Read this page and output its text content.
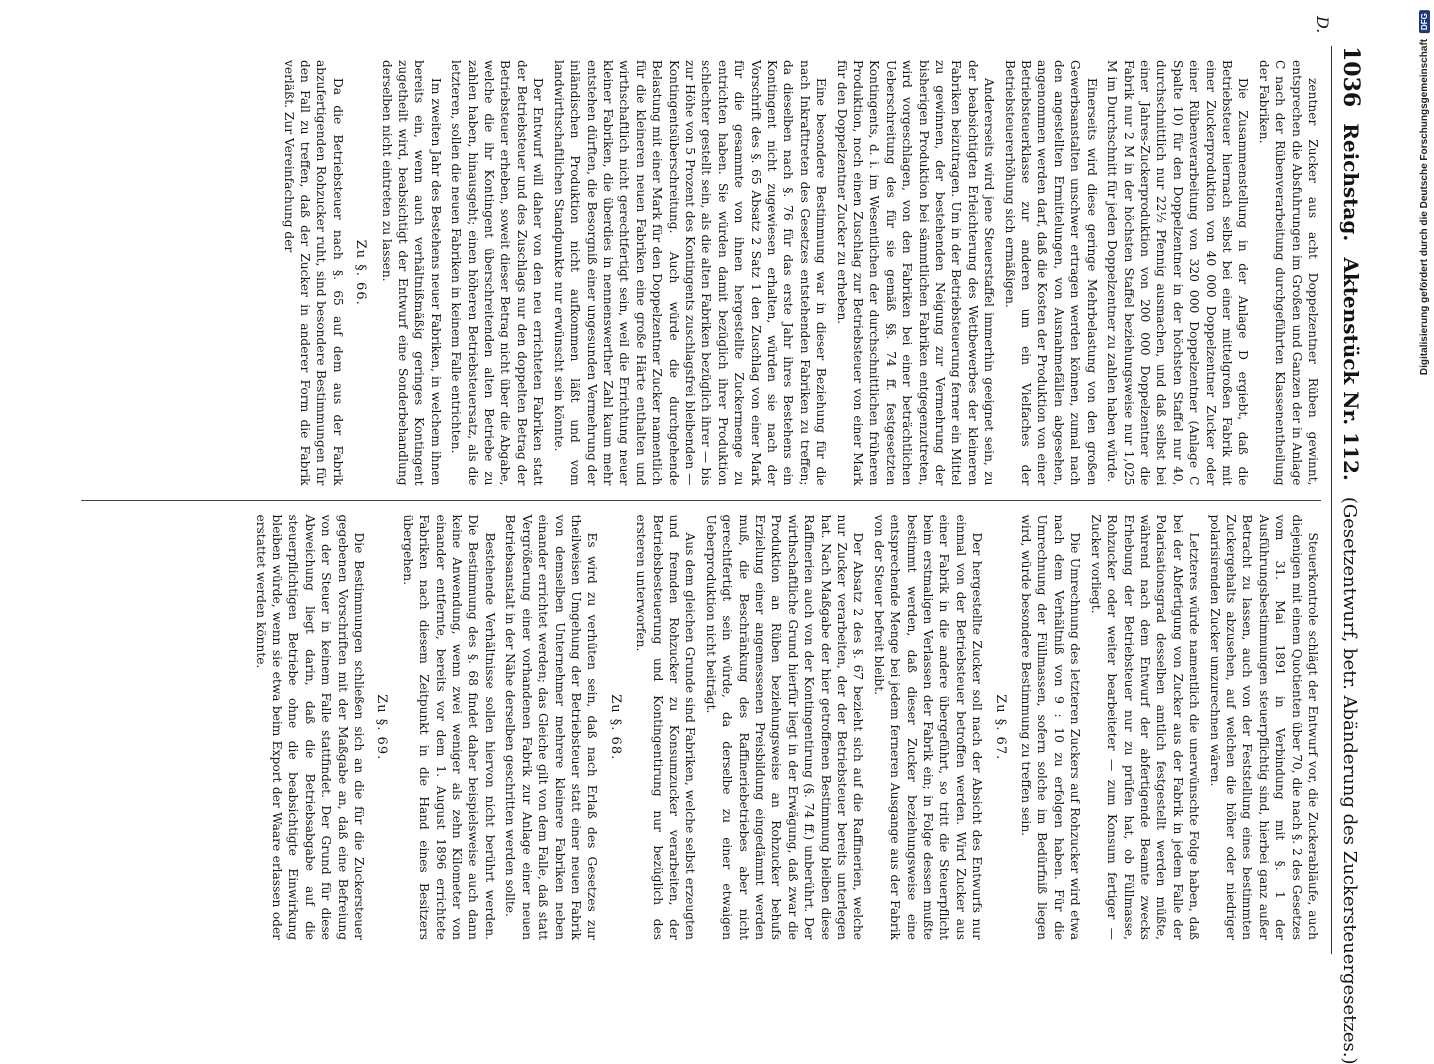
1036
Reichstag.
Aktenstück Nr. 112.
(Gesetzentwurf, betr. Abänderung des Zuckersteuergesetzes.)
D.

zentner Zucker aus acht Doppelzentner Rüben gewinnt, entsprechen die Absfuhrungen im Großen und Ganzen der in Anlage C nach der Rübenverarbeitung durchgeführten Klassenentheilung der Fabriken.

Die Zusammenstellung in der Anlage D ergiebt, daß die Betriebsteuer hiernach selbst bei einer mittelgroßen Fabrik mit einer Zuckerproduktion von 40 000 Doppelzentner Zucker oder einer Rübenverarbeitung von 320 000 Doppelzentner (Anlage C Spalte 10) für den Doppelzentner in der höchsten Staffel nur 40, durchschnittlich nur 22½ Pfennig ausmachen, und daß selbst bei einer Jahres-Zuckerproduktion von 200 000 Doppelzentner die Fabrik nur 2 M in der höchsten Staffel beziehungsweise nur 1,025 M im Durchschnitt für jeden Doppelzentner zu zahlen haben würde.

Einerseits wird diese geringe Mehrbelastung von den großen Gewerbsanstalten unschwer ertragen werden können, zumal nach den angestellten Ermittelungen, von Ausnahmefällen abgesehen, angenommen werden darf, daß die Kosten der Produktion von einer Betriebsteuerklasse zur anderen um ein Vielfaches der Betriebsteuererhöhung sich ermäßigen.

Andererseits wird jene Steuerstaffel immerhin geeignet sein, zu der beabsichtigten Erleichterung des Wettbewerbes der kleineren Fabriken beizutragen. Um in der Betriebsteuerung ferner ein Mittel zu gewinnen, der bestehenden Neigung zur Vermehrung der bisherigen Produktion bei sämmtlichen Fabriken entgegenzutreten, wird vorgeschlagen, von den Fabriken bei einer beträchtlichen Ueberschreitung des für sie gemäß §§. 74 ff. festgesetzten Kontingents, d. i. im Wesentlichen der durchschnittlichen früheren Produktion, noch einen Zuschlag zur Betriebsteuer von einer Mark für den Doppelzentner Zucker zu erheben.

Eine besondere Bestimmung war in dieser Beziehung für die nach Inkrafttreten des Gesetzes entstehenden Fabriken zu treffen; da dieselben nach §. 76 für das erste Jahr ihres Bestehens ein Kontingent nicht zugewiesen erhalten, würden sie nach der Vorschrift des §. 65 Absatz 2 Satz 1 den Zuschlag von einer Mark für die gesammte von ihnen hergestellte Zuckermenge zu entrichten haben. Sie würden damit bezüglich ihrer Produktion schlechter gestellt sein, als die alten Fabriken bezüglich ihrer — bis zur Höhe von 5 Prozent des Kontingents zuschlagsfrei bleibenden — Kontingentsüberschreitung. Auch würde die durchgehende Belastung mit einer Mark für den Doppelzentner Zucker namentlich für die kleineren neuen Fabriken eine große Härte enthalten und wirthschaftlich nicht gerechtfertigt sein, weil die Errichtung neuer kleiner Fabriken, die überdies in nennenswerther Zahl kaum mehr entstehen dürften, die Besorgniß einer ungesunden Vermehrung der inländischen Produktion nicht aufkommen läßt und vom landwirthschaftlichen Standpunkte nur erwünscht sein könnte.

Der Entwurf will daher von den neu errichteten Fabriken statt der Betriebsteuer und des Zuschlags nur den doppelten Betrag der Betriebsteuer erheben, soweit dieser Betrag nicht über die Abgabe, welche die ihr Kontingent überschreitenden alten Betriebe zu zahlen haben, hinausgeht; einen höheren Betriebsteuersatz, als die letzteren, sollen die neuen Fabriken in keinem Falle entrichten.

Im zweiten Jahr des Bestehens neuer Fabriken, in welchem ihnen bereits ein, wenn auch verhältnißmäßig geringes Kontingent zugetheilt wird, beabsichtigt der Entwurf eine Sonderbehandlung derselben nicht eintreten zu lassen.

Zu §. 66.

Da die Betriebsteuer nach §. 65 auf dem aus der Fabrik abzufertigenden Rohzucker ruht, sind besondere Bestimmungen für den Fall zu treffen, daß der Zucker in anderer Form die Fabrik verläßt. Zur Vereinfachung der

Steuerkontrole schlägt der Entwurf vor, die Zuckerabläufe, auch diejenigen mit einem Quotienten über 70, die nach §. 2 des Gesetzes vom 31. Mai 1891 in Verbindung mit §. 1 der Ausführungsbestimmungen steuerpflichtig sind, hierbei ganz außer Betracht zu lassen, auch von der Feststellung eines bestimmten Zuckergehalts abzusehen, auf welchen die höher oder niedriger polarisirenden Zucker umzurechnen wären.

Letzteres würde namentlich die unerwünschte Folge haben, daß bei der Abfertigung von Zucker aus der Fabrik in jedem Falle der Polarisationsgrad desselben amtlich festgestellt werden müßte, während nach dem Entwurf der abfertigende Beamte zwecks Erhebung der Betriebsteuer nur zu prüfen hat, ob Füllmasse, Rohzucker oder weiter bearbeiteter — zum Konsum fertiger — Zucker vorliegt.

Die Umrechnung des letzteren Zuckers auf Rohzucker wird etwa nach dem Verhältniß von 9 : 10 zu erfolgen haben. Für die Umrechnung der Füllmassen, sofern solche im Bedürfniß liegen wird, würde besondere Bestimmung zu treffen sein.

Zu §. 67.

Der hergestellte Zucker soll nach der Absicht des Entwurfs nur einmal von der Betriebsteuer betroffen werden. Wird Zucker aus einer Fabrik in die andere übergeführt, so tritt die Steuerpflicht beim erstmaligen Verlassen der Fabrik ein; in Folge dessen mußte bestimmt werden, daß dieser Zucker beziehungsweise eine entsprechende Menge bei jedem ferneren Ausgange aus der Fabrik von der Steuer befreit bleibt.

Der Absatz 2 des §. 67 bezieht sich auf die Raffinerien, welche nur Zucker verarbeiten, der der Betriebsteuer bereits unterlegen hat. Nach Maßgabe der hier getroffenen Bestimmung bleiben diese Raffinerien auch von der Kontingentirung (§. 74 ff.) unberührt. Der wirthschaftliche Grund hierfür liegt in der Erwägung, daß zwar die Produktion an Rüben beziehungsweise an Rohzucker behufs Erzielung einer angemessenen Preisbildung eingedämmt werden muß, die Beschränkung des Raffineriebetriebes aber nicht gerechtfertigt sein würde, da derselbe zu einer etwaigen Ueberproduktion nicht beiträgt.

Aus dem gleichen Grunde sind Fabriken, welche selbst erzeugten und fremden Rohzucker zu Konsumzucker verarbeiten, der Betriebsbesteuerung und Kontingentirung nur bezüglich des ersteren unterworfen.

Zu §. 68.

Es wird zu verhüten sein, daß nach Erlaß des Gesetzes zur theilweisen Umgehung der Betriebsteuer statt einer neuen Fabrik von demselben Unternehmer mehrere kleinere Fabriken neben einander errichtet werden; das Gleiche gilt von dem Falle, daß statt Vergrößerung einer vorhandenen Fabrik zur Anlage einer neuen Betriebsanstalt in der Nähe derselben geschritten werden sollte.

Bestehende Verhältnisse sollen hiervon nicht berührt werden. Die Bestimmung des §. 68 findet daher beispielsweise auch dann keine Anwendung, wenn zwei weniger als zehn Kilometer von einander entfernte, bereits vor dem 1. August 1896 errichtete Fabriken nach diesem Zeitpunkt in die Hand eines Besitzers übergehen.

Zu §. 69.

Die Bestimmungen schließen sich an die für die Zuckersteuer gegebenen Vorschriften mit der Maßgabe an, daß eine Befreiung von der Steuer in keinem Falle stattfindet. Der Grund für diese Abweichung liegt darin, daß die Betriebsabgabe auf die steuerpflichtigen Betriebe ohne die beabsichtigte Einwirkung bleiben würde, wenn sie etwa beim Export der Waare erlassen oder erstattet werden könnte.

Digitalisierung gefördert durch die Deutsche Forschungsgemeinschaft
DFG
